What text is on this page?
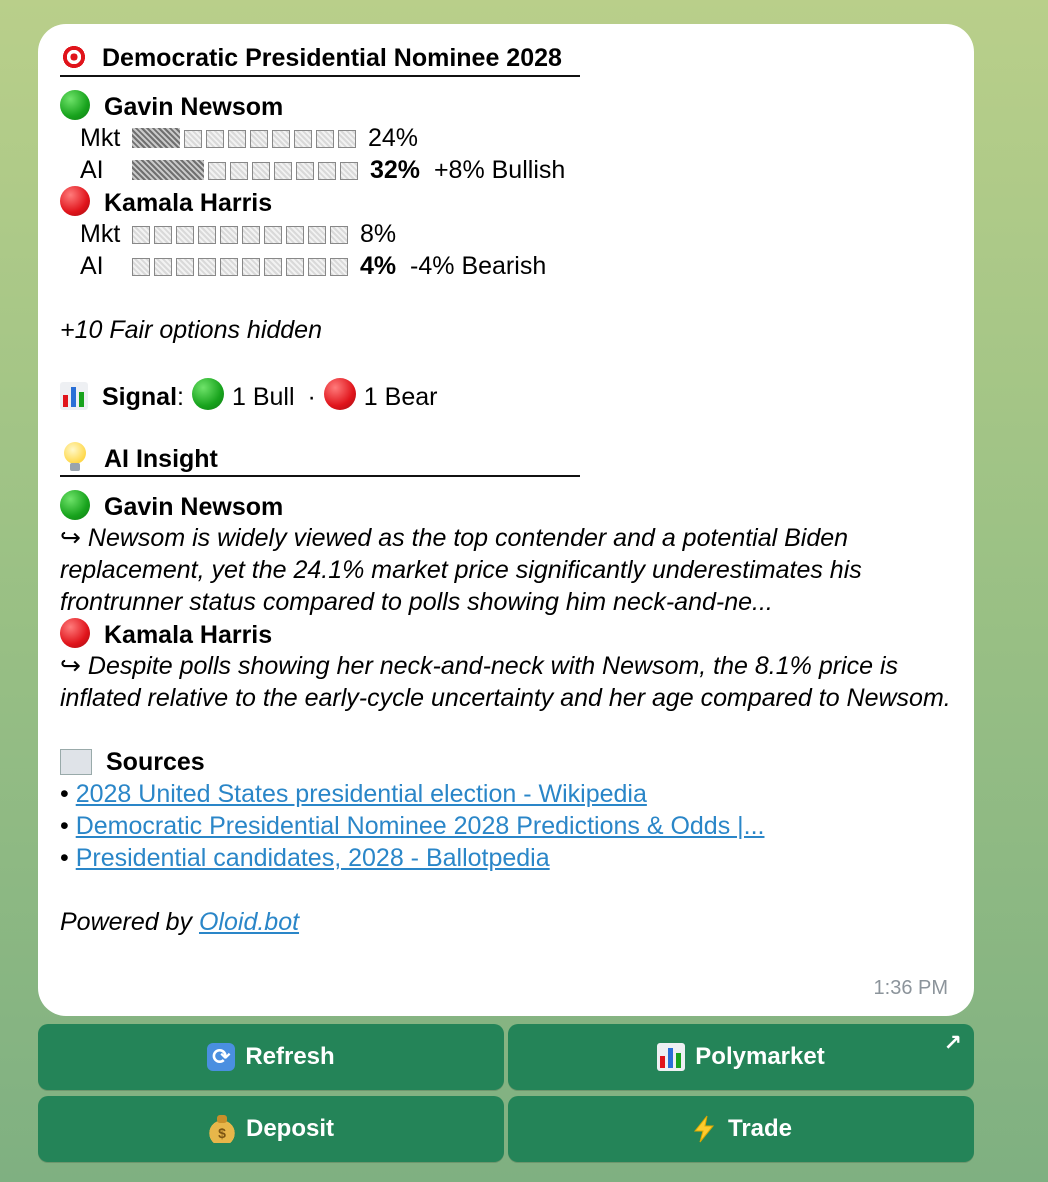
Democratic Presidential Nominee 2028
Gavin Newsom
Mkt	24%
AI	32% +8% Bullish
Kamala Harris
Mkt	8%
AI	4% -4% Bearish
+10 Fair options hidden
Signal: 1 Bull · 1 Bear
AI Insight
Gavin Newsom
↪ Newsom is widely viewed as the top contender and a potential Biden replacement, yet the 24.1% market price significantly underestimates his frontrunner status compared to polls showing him neck-and-ne...
Kamala Harris
↪ Despite polls showing her neck-and-neck with Newsom, the 8.1% price is inflated relative to the early-cycle uncertainty and her age compared to Newsom.
Sources
• 2028 United States presidential election - Wikipedia
• Democratic Presidential Nominee 2028 Predictions & Odds |...
• Presidential candidates, 2028 - Ballotpedia
Powered by Oloid.bot
1:36 PM
⟳ Refresh	Polymarket
↗
$ Deposit	Trade
